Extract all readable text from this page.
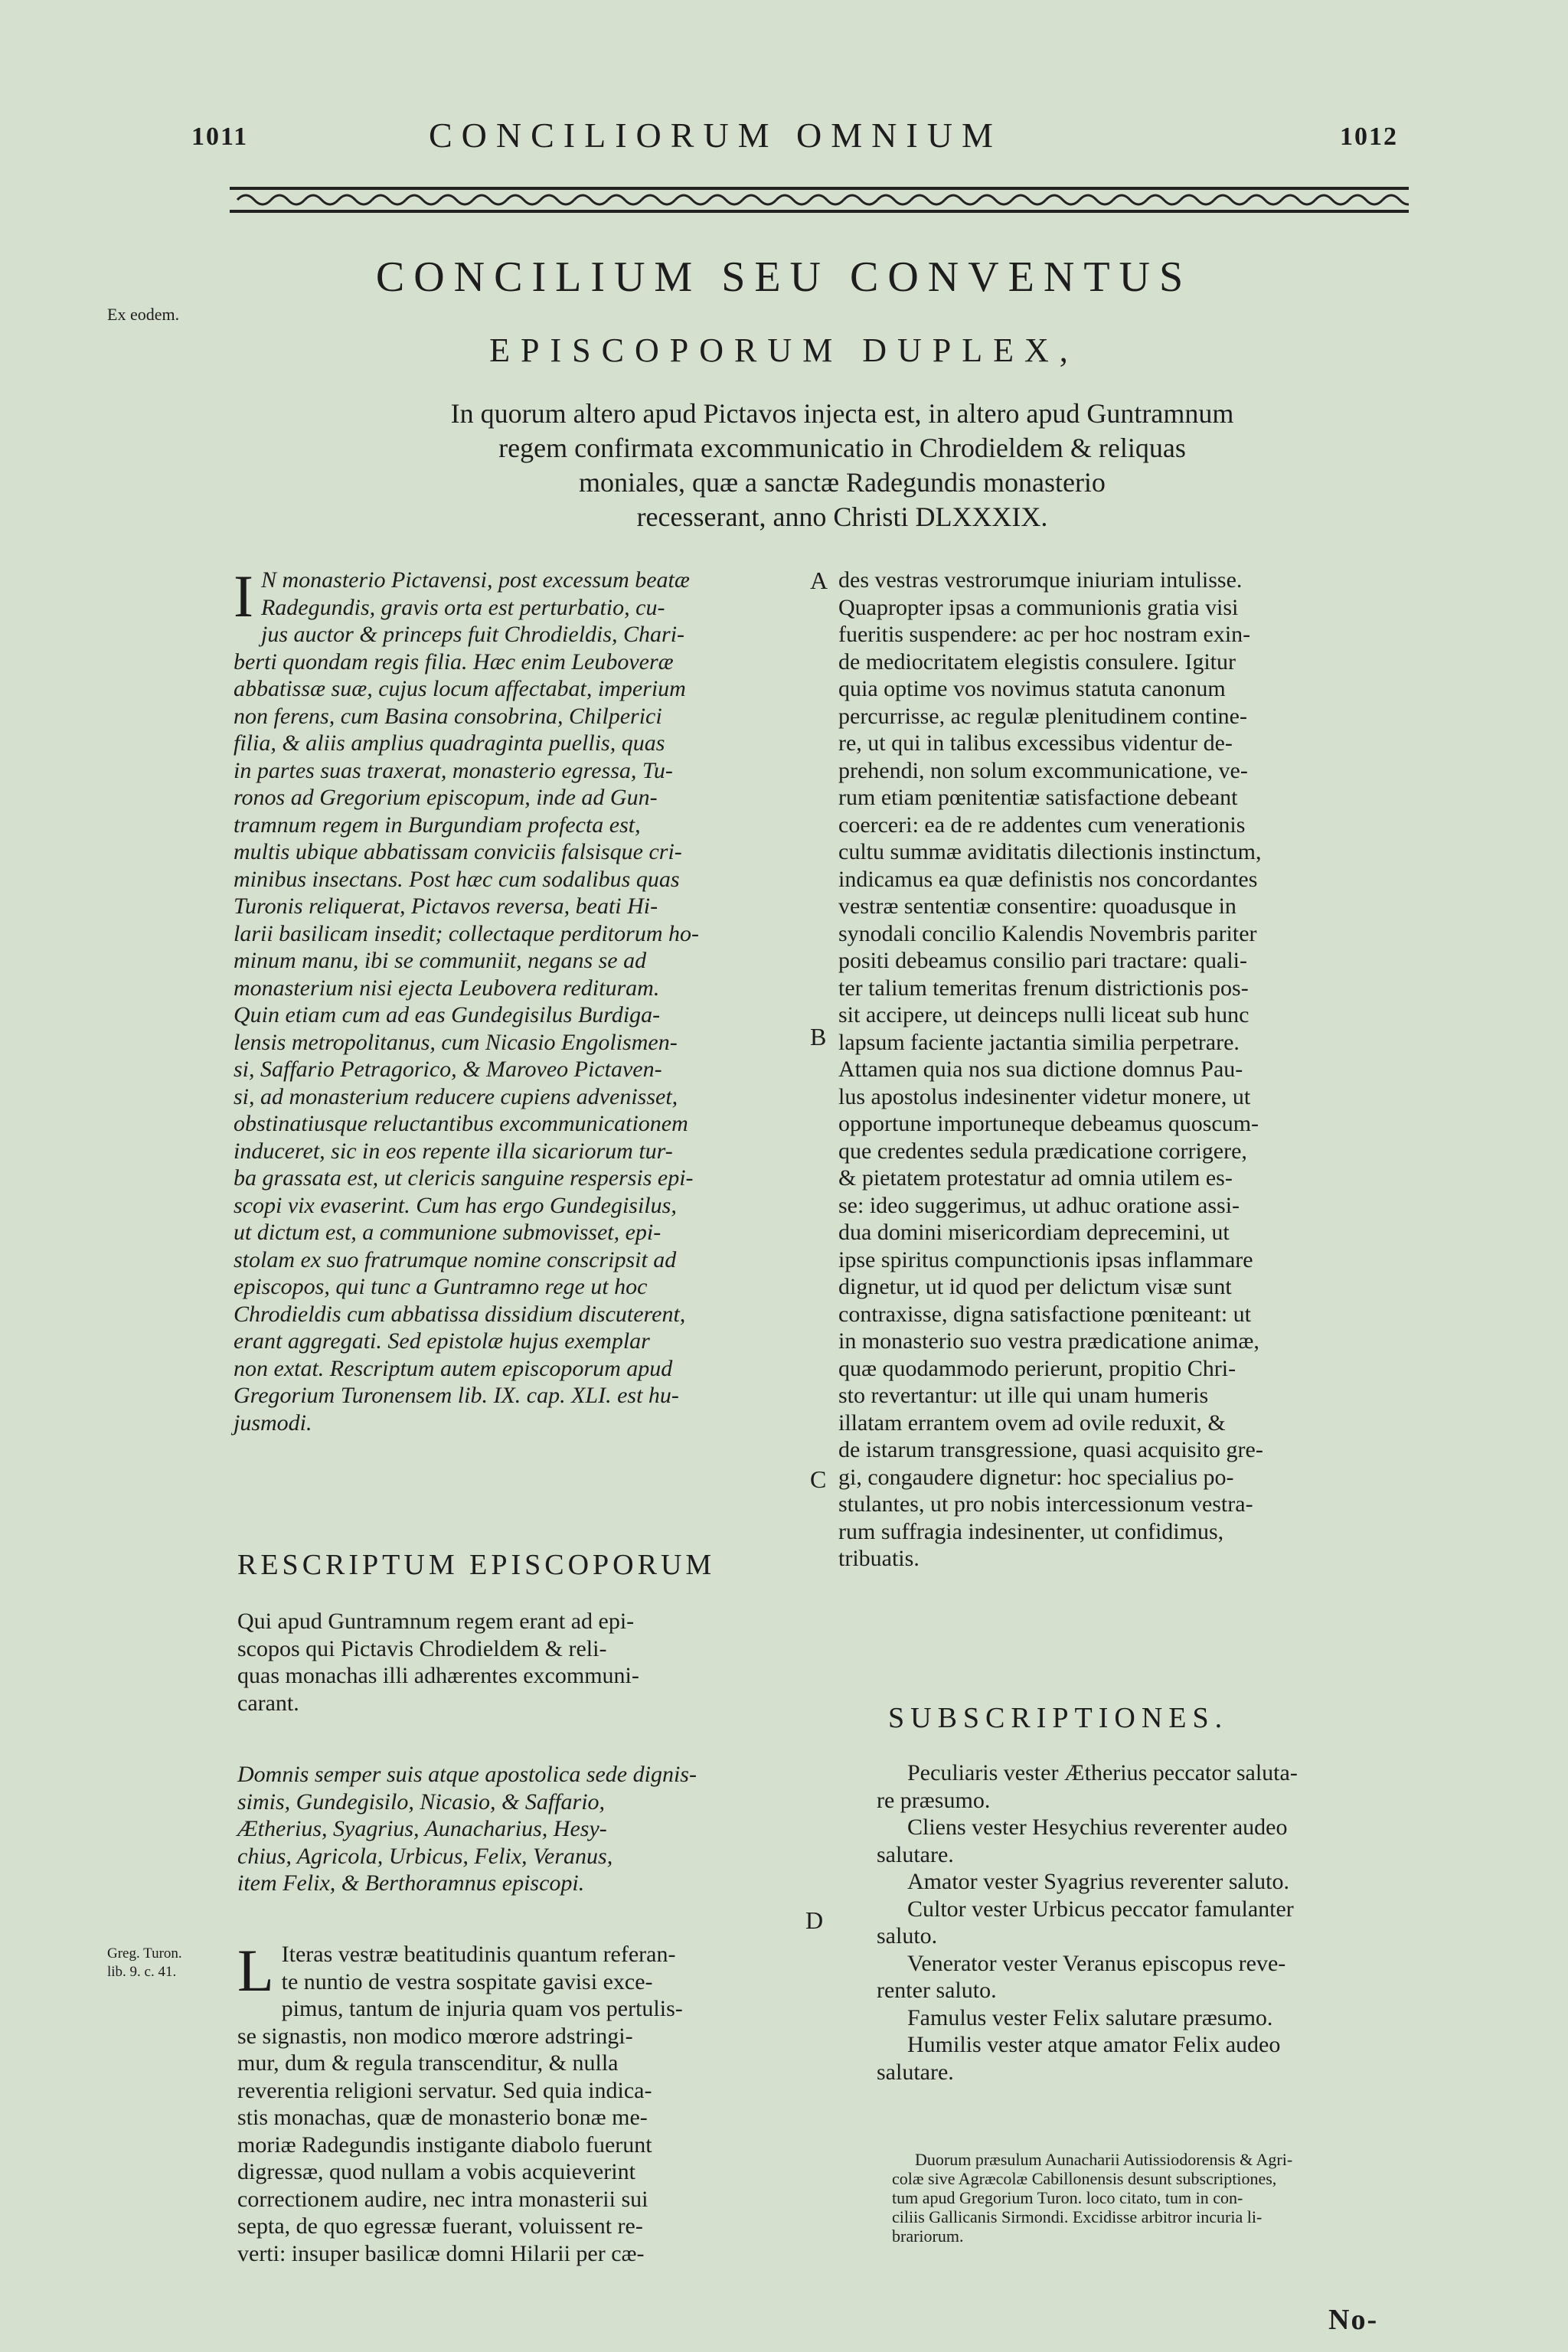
1011	CONCILIORUM OMNIUM	1012
Ex eodem.
CONCILIUM SEU CONVENTUS
EPISCOPORUM DUPLEX,
In quorum altero apud Pictavos injecta est, in altero apud Guntramnum
regem confirmata excommunicatio in Chrodieldem & reliquas
moniales, quæ a sanctæ Radegundis monasterio
recesserant, anno Christi DLXXXIX.
I N monasterio Pictavensi, post excessum beatæ
Radegundis, gravis orta est perturbatio, cu-
jus auctor & princeps fuit Chrodieldis, Chari-
berti quondam regis filia. Hæc enim Leuboveræ
abbatissæ suæ, cujus locum affectabat, imperium
non ferens, cum Basina consobrina, Chilperici
filia, & aliis amplius quadraginta puellis, quas
in partes suas traxerat, monasterio egressa, Tu-
ronos ad Gregorium episcopum, inde ad Gun-
tramnum regem in Burgundiam profecta est,
multis ubique abbatissam conviciis falsisque cri-
minibus insectans. Post hæc cum sodalibus quas
Turonis reliquerat, Pictavos reversa, beati Hi-
larii basilicam insedit; collectaque perditorum ho-
minum manu, ibi se communiit, negans se ad
monasterium nisi ejecta Leubovera redituram.
Quin etiam cum ad eas Gundegisilus Burdiga-
lensis metropolitanus, cum Nicasio Engolismen-
si, Saffario Petragorico, & Maroveo Pictaven-
si, ad monasterium reducere cupiens advenisset,
obstinatiusque reluctantibus excommunicationem
induceret, sic in eos repente illa sicariorum tur-
ba grassata est, ut clericis sanguine respersis epi-
scopi vix evaserint. Cum has ergo Gundegisilus,
ut dictum est, a communione submovisset, epi-
stolam ex suo fratrumque nomine conscripsit ad
episcopos, qui tunc a Guntramno rege ut hoc
Chrodieldis cum abbatissa dissidium discuterent,
erant aggregati. Sed epistolæ hujus exemplar
non extat. Rescriptum autem episcoporum apud
Gregorium Turonensem lib. IX. cap. XLI. est hu-
jusmodi.
RESCRIPTUM EPISCOPORUM
Qui apud Guntramnum regem erant ad epi-
scopos qui Pictavis Chrodieldem & reli-
quas monachas illi adhærentes excommuni-
carant.
Domnis semper suis atque apostolica sede dignis-
simis, Gundegisilo, Nicasio, & Saffario,
Ætherius, Syagrius, Aunacharius, Hesy-
chius, Agricola, Urbicus, Felix, Veranus,
item Felix, & Berthoramnus episcopi.
Greg. Turon.
lib. 9. c. 41. L Iteras vestræ beatitudinis quantum referan-
te nuntio de vestra sospitate gavisi exce-
pimus, tantum de injuria quam vos pertulis-
se signastis, non modico mœrore adstringi-
mur, dum & regula transcenditur, & nulla
reverentia religioni servatur. Sed quia indica-
stis monachas, quæ de monasterio bonæ me-
moriæ Radegundis instigante diabolo fuerunt
digressæ, quod nullam a vobis acquieverint
correctionem audire, nec intra monasterii sui
septa, de quo egressæ fuerant, voluissent re-
verti: insuper basilicæ domni Hilarii per cæ-
des vestras vestrorumque iniuriam intulisse.
Quapropter ipsas a communionis gratia visi
fueritis suspendere: ac per hoc nostram exin-
de mediocritatem elegistis consulere. Igitur
quia optime vos novimus statuta canonum
percurrisse, ac regulæ plenitudinem contine-
re, ut qui in talibus excessibus videntur de-
prehendi, non solum excommunicatione, ve-
rum etiam pœnitentiæ satisfactione debeant
coerceri: ea de re addentes cum venerationis
cultu summæ aviditatis dilectionis instinctum,
indicamus ea quæ definistis nos concordantes
vestræ sententiæ consentire: quoadusque in
synodali concilio Kalendis Novembris pariter
positi debeamus consilio pari tractare: quali-
ter talium temeritas frenum districtionis pos-
sit accipere, ut deinceps nulli liceat sub hunc
lapsum faciente jactantia similia perpetrare.
Attamen quia nos sua dictione domnus Pau-
lus apostolus indesinenter videtur monere, ut
opportune importuneque debeamus quoscum-
que credentes sedula prædicatione corrigere,
& pietatem protestatur ad omnia utilem es-
se: ideo suggerimus, ut adhuc oratione assi-
dua domini misericordiam deprecemini, ut
ipse spiritus compunctionis ipsas inflammare
dignetur, ut id quod per delictum visæ sunt
contraxisse, digna satisfactione pœniteant: ut
in monasterio suo vestra prædicatione animæ,
quæ quodammodo perierunt, propitio Chri-
sto revertantur: ut ille qui unam humeris
illatam errantem ovem ad ovile reduxit, &
de istarum transgressione, quasi acquisito gre-
gi, congaudere dignetur: hoc specialius po-
stulantes, ut pro nobis intercessionum vestra-
rum suffragia indesinenter, ut confidimus,
tribuatis.
SUBSCRIPTIONES.
Peculiaris vester Ætherius peccator saluta-
re præsumo.
Cliens vester Hesychius reverenter audeo
salutare.
Amator vester Syagrius reverenter saluto.
Cultor vester Urbicus peccator famulanter
saluto.
Venerator vester Veranus episcopus reve-
renter saluto.
Famulus vester Felix salutare præsumo.
Humilis vester atque amator Felix audeo
salutare.
Duorum præsulum Aunacharii Autissiodorensis & Agri-
colæ sive Agræcolæ Cabillonensis desunt subscriptiones,
tum apud Gregorium Turon. loco citato, tum in con-
ciliis Gallicanis Sirmondi. Excidisse arbitror incuria li-
brariorum.
No-
A
B
C
D
